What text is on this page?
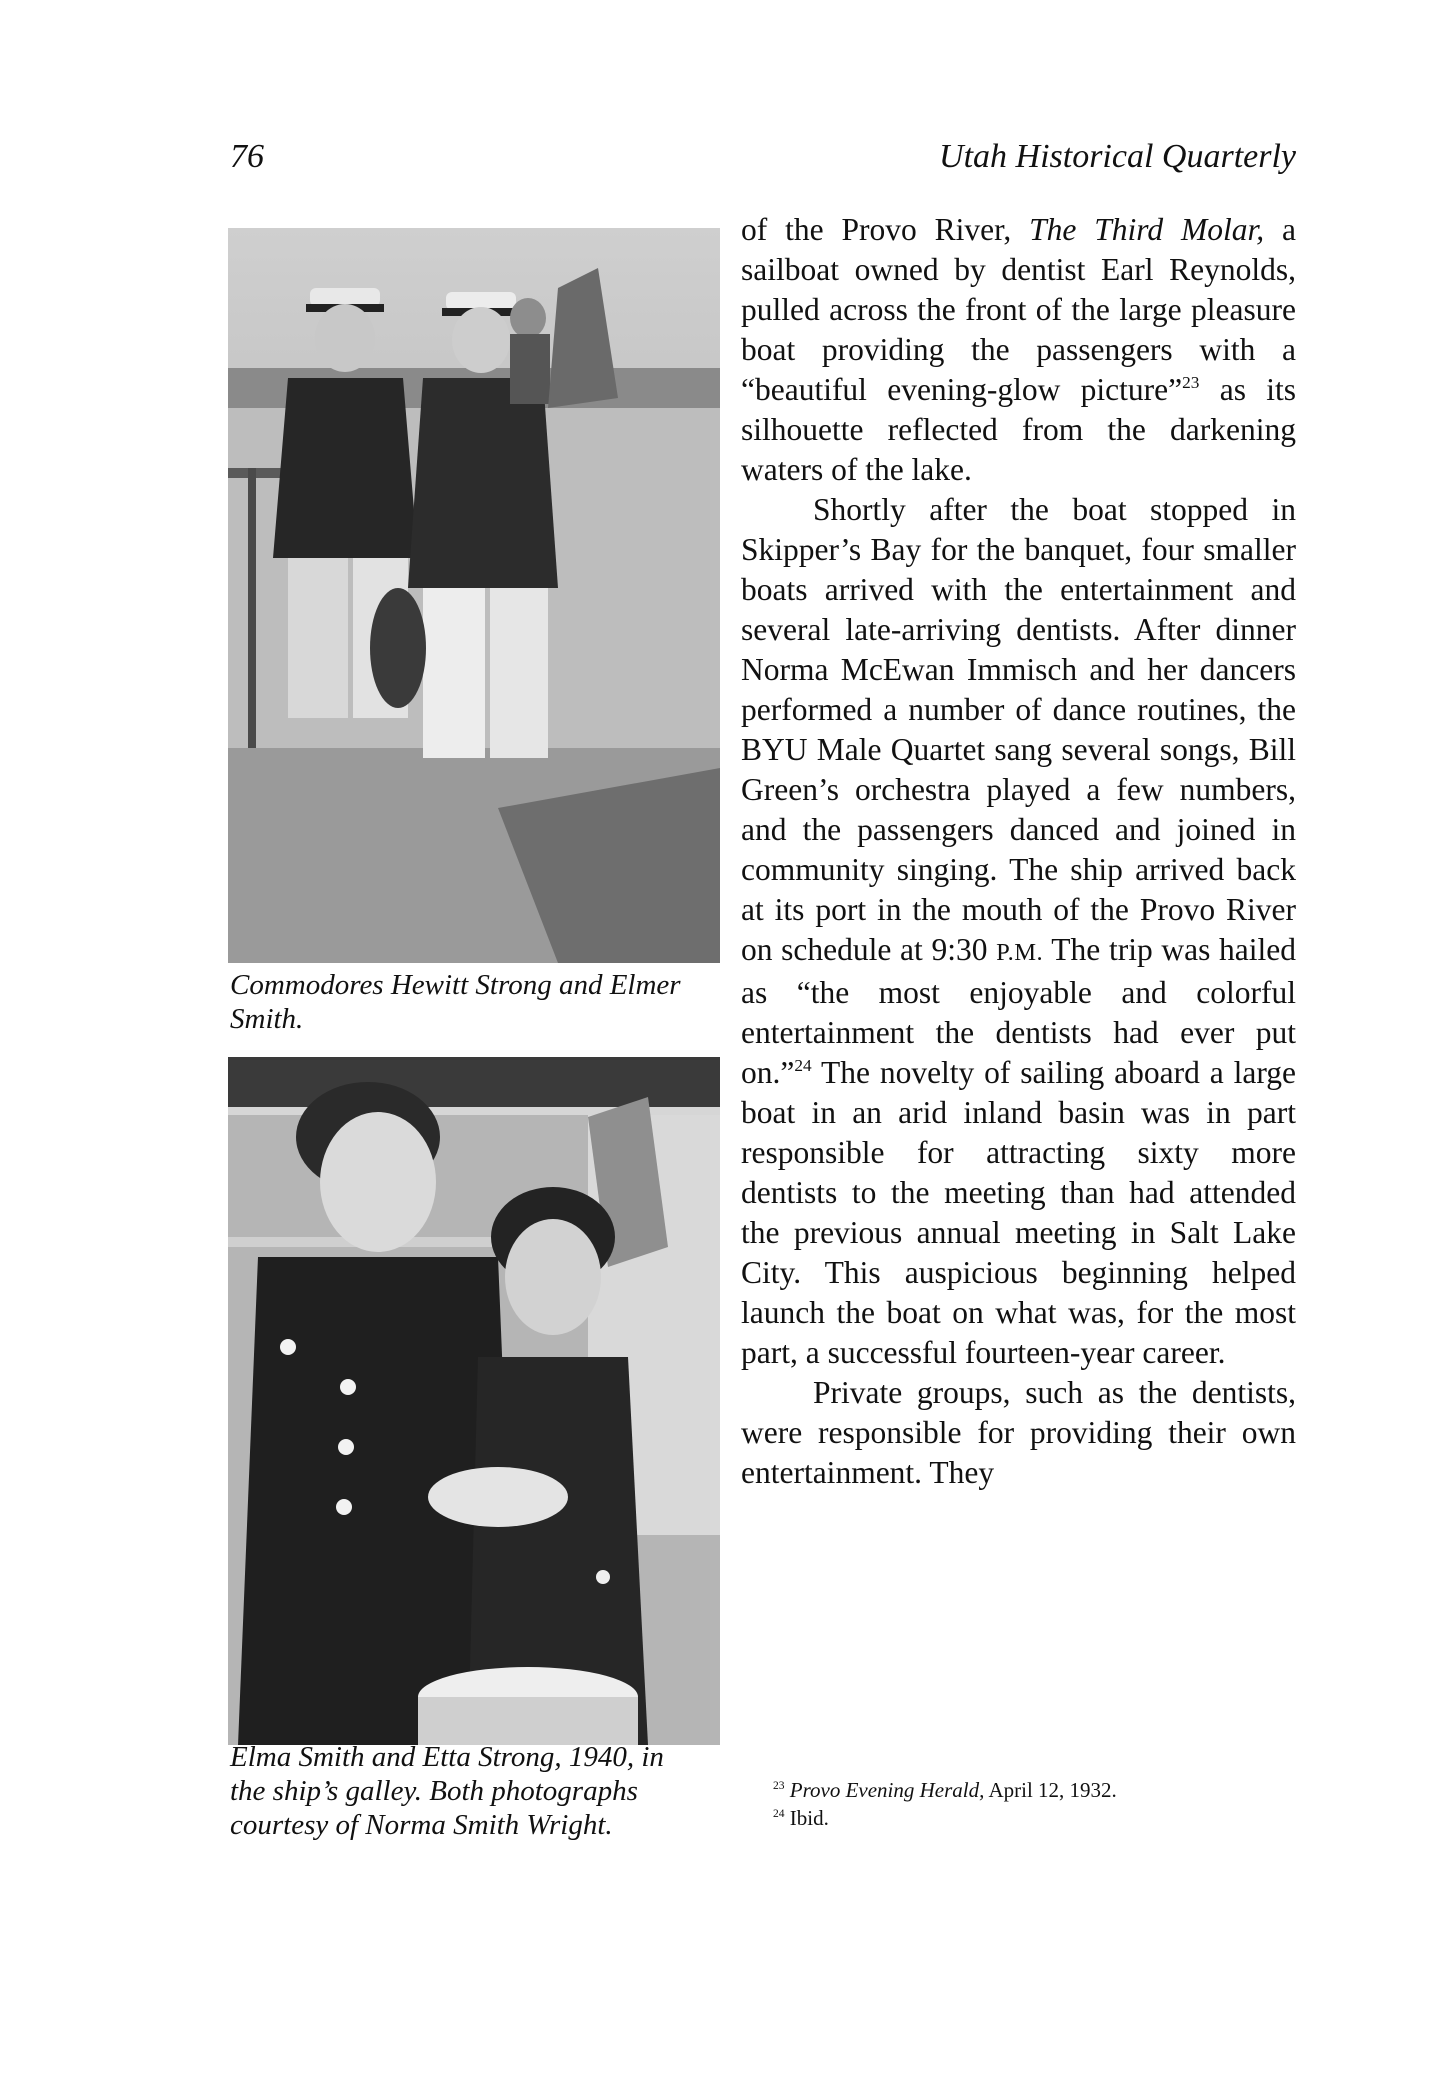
76	Utah Historical Quarterly
Commodores Hewitt Strong and Elmer Smith.
Elma Smith and Etta Strong, 1940, in the ship’s galley. Both photographs courtesy of Norma Smith Wright.

of the Provo River, The Third Molar, a sailboat owned by dentist Earl Reynolds, pulled across the front of the large pleasure boat providing the passengers with a “beautiful evening-glow picture”$^{23}$ as its silhouette reflected from the darkening waters of the lake.

Shortly after the boat stopped in Skipper’s Bay for the banquet, four smaller boats arrived with the entertainment and several late-arriving dentists. After dinner Norma McEwan Immisch and her dancers performed a number of dance routines, the BYU Male Quartet sang several songs, Bill Green’s orchestra played a few numbers, and the passengers danced and joined in community singing. The ship arrived back at its port in the mouth of the Provo River on schedule at 9:30 P.M. The trip was hailed as “the most enjoyable and colorful entertainment the dentists had ever put on.”$^{24}$ The novelty of sailing aboard a large boat in an arid inland basin was in part responsible for attracting sixty more dentists to the meeting than had attended the previous annual meeting in Salt Lake City. This auspicious beginning helped launch the boat on what was, for the most part, a successful fourteen-year career.

Private groups, such as the dentists, were responsible for providing their own entertainment. They

$^{23}$ Provo Evening Herald, April 12, 1932.
$^{24}$ Ibid.
